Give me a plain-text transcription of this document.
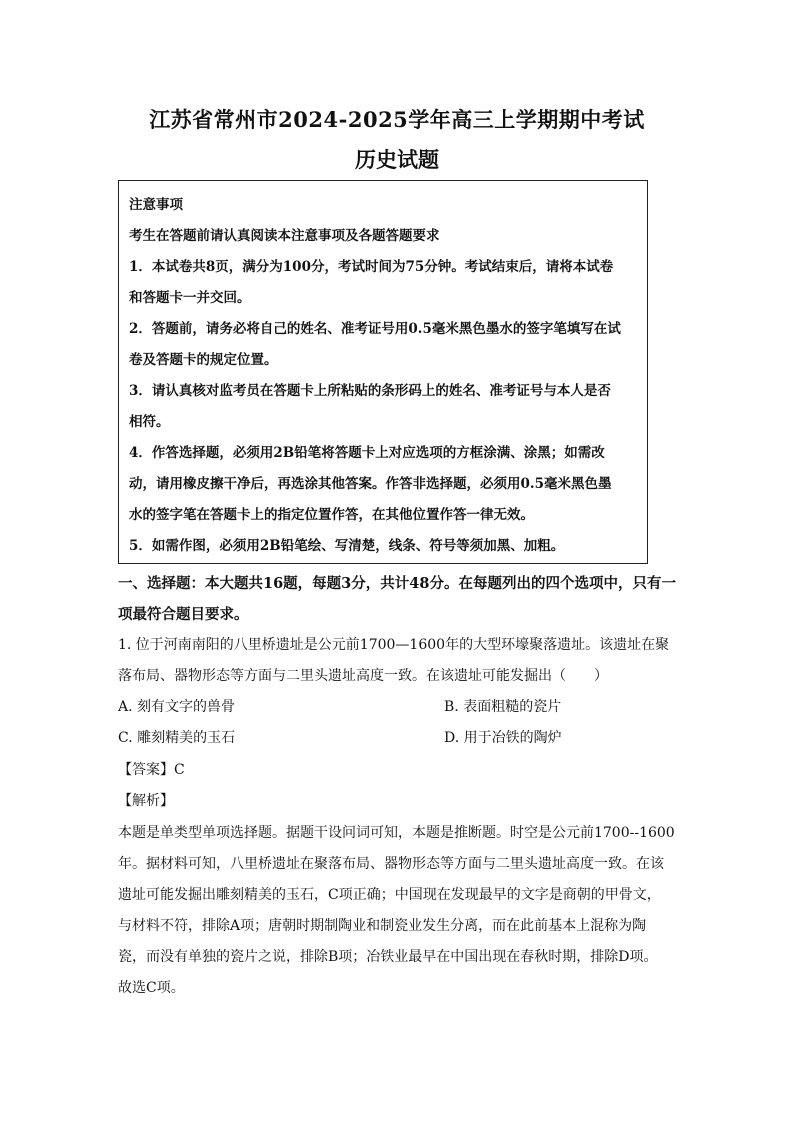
江苏省常州市2024-2025学年高三上学期期中考试
历史试题
注意事项
考生在答题前请认真阅读本注意事项及各题答题要求
1．本试卷共8页，满分为100分，考试时间为75分钟。考试结束后，请将本试卷
和答题卡一并交回。
2．答题前，请务必将自己的姓名、准考证号用0.5毫米黑色墨水的签字笔填写在试
卷及答题卡的规定位置。
3．请认真核对监考员在答题卡上所粘贴的条形码上的姓名、准考证号与本人是否
相符。
4．作答选择题，必须用2B铅笔将答题卡上对应选项的方框涂满、涂黑；如需改
动，请用橡皮擦干净后，再选涂其他答案。作答非选择题，必须用0.5毫米黑色墨
水的签字笔在答题卡上的指定位置作答，在其他位置作答一律无效。
5．如需作图，必须用2B铅笔绘、写清楚，线条、符号等须加黑、加粗。
一、选择题：本大题共16题，每题3分，共计48分。在每题列出的四个选项中，只有一
项最符合题目要求。
1. 位于河南南阳的八里桥遗址是公元前1700—1600年的大型环壕聚落遗址。该遗址在聚
落布局、器物形态等方面与二里头遗址高度一致。在该遗址可能发掘出（　　）
A. 刻有文字的兽骨	B. 表面粗糙的瓷片
C. 雕刻精美的玉石	D. 用于冶铁的陶炉
【答案】C
【解析】
本题是单类型单项选择题。据题干设问词可知，本题是推断题。时空是公元前1700--1600
年。据材料可知，八里桥遗址在聚落布局、器物形态等方面与二里头遗址高度一致。在该
遗址可能发掘出雕刻精美的玉石，C项正确；中国现在发现最早的文字是商朝的甲骨文，
与材料不符，排除A项；唐朝时期制陶业和制瓷业发生分离，而在此前基本上混称为陶
瓷，而没有单独的瓷片之说，排除B项；冶铁业最早在中国出现在春秋时期，排除D项。
故选C项。
